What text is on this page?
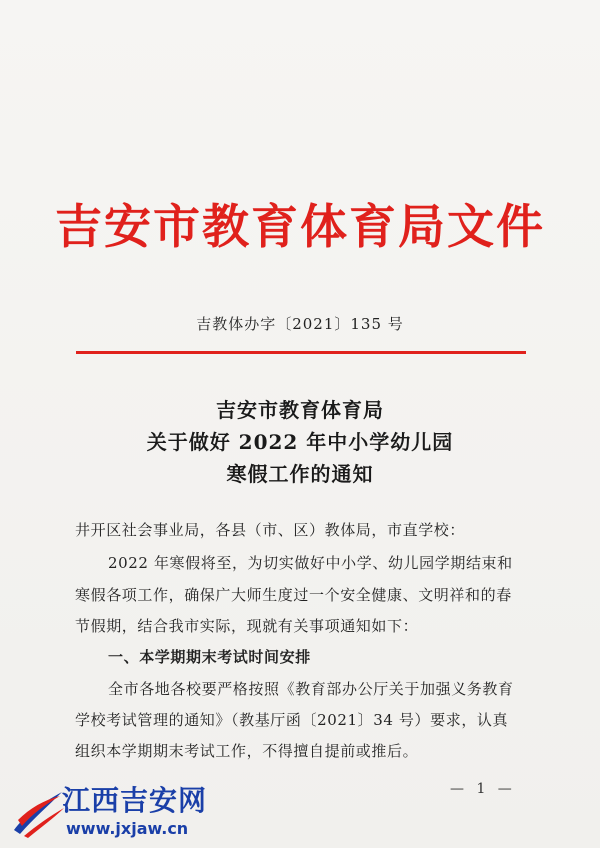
吉安市教育体育局文件
吉教体办字〔2021〕135 号
吉安市教育体育局
关于做好 2022 年中小学幼儿园
寒假工作的通知
井开区社会事业局，各县（市、区）教体局，市直学校：
2022 年寒假将至，为切实做好中小学、幼儿园学期结束和
寒假各项工作，确保广大师生度过一个安全健康、文明祥和的春
节假期，结合我市实际，现就有关事项通知如下：
一、本学期期末考试时间安排
全市各地各校要严格按照《教育部办公厅关于加强义务教育
学校考试管理的通知》（教基厅函〔2021〕34 号）要求，认真
组织本学期期末考试工作，不得擅自提前或推后。
— 1 —
江西吉安网
www.jxjaw.cn
